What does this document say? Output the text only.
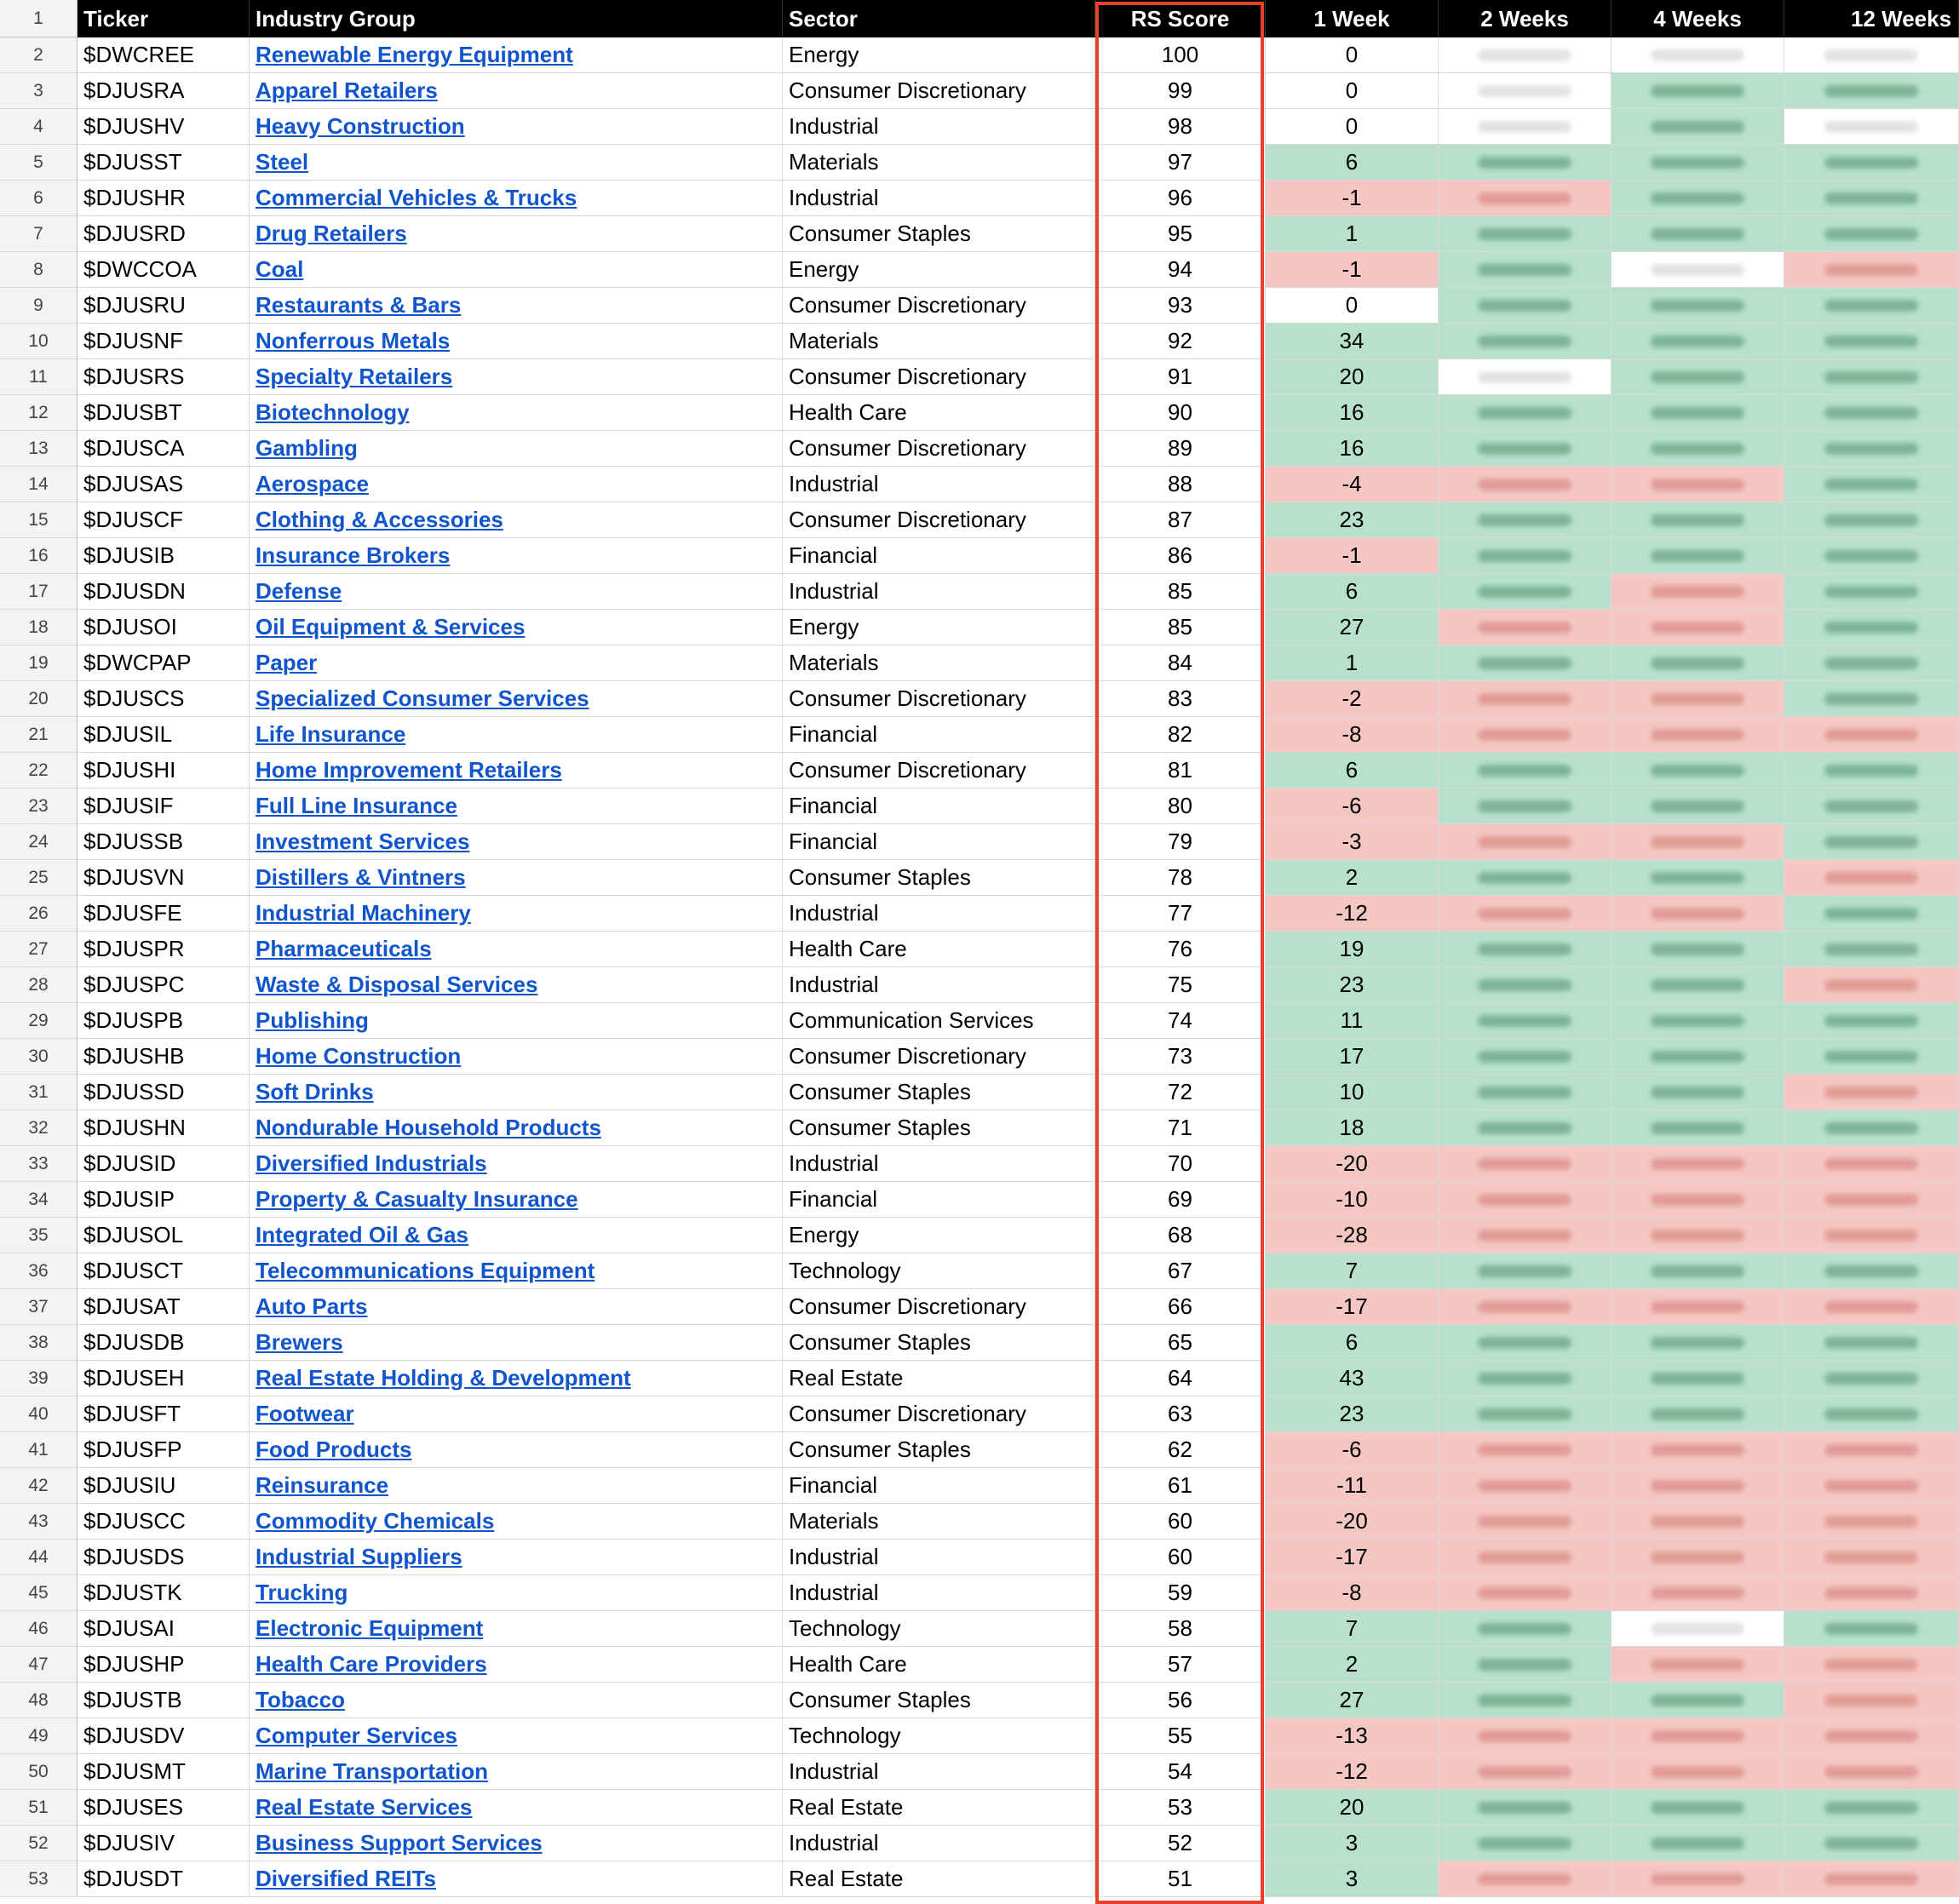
1	Ticker	Industry Group	Sector	RS Score	1 Week	2 Weeks	4 Weeks	12 Weeks
2	$DWCREE	Renewable Energy Equipment	Energy	100	0
3	$DJUSRA	Apparel Retailers	Consumer Discretionary	99	0
4	$DJUSHV	Heavy Construction	Industrial	98	0
5	$DJUSST	Steel	Materials	97	6
6	$DJUSHR	Commercial Vehicles & Trucks	Industrial	96	-1
7	$DJUSRD	Drug Retailers	Consumer Staples	95	1
8	$DWCCOA	Coal	Energy	94	-1
9	$DJUSRU	Restaurants & Bars	Consumer Discretionary	93	0
10	$DJUSNF	Nonferrous Metals	Materials	92	34
11	$DJUSRS	Specialty Retailers	Consumer Discretionary	91	20
12	$DJUSBT	Biotechnology	Health Care	90	16
13	$DJUSCA	Gambling	Consumer Discretionary	89	16
14	$DJUSAS	Aerospace	Industrial	88	-4
15	$DJUSCF	Clothing & Accessories	Consumer Discretionary	87	23
16	$DJUSIB	Insurance Brokers	Financial	86	-1
17	$DJUSDN	Defense	Industrial	85	6
18	$DJUSOI	Oil Equipment & Services	Energy	85	27
19	$DWCPAP	Paper	Materials	84	1
20	$DJUSCS	Specialized Consumer Services	Consumer Discretionary	83	-2
21	$DJUSIL	Life Insurance	Financial	82	-8
22	$DJUSHI	Home Improvement Retailers	Consumer Discretionary	81	6
23	$DJUSIF	Full Line Insurance	Financial	80	-6
24	$DJUSSB	Investment Services	Financial	79	-3
25	$DJUSVN	Distillers & Vintners	Consumer Staples	78	2
26	$DJUSFE	Industrial Machinery	Industrial	77	-12
27	$DJUSPR	Pharmaceuticals	Health Care	76	19
28	$DJUSPC	Waste & Disposal Services	Industrial	75	23
29	$DJUSPB	Publishing	Communication Services	74	11
30	$DJUSHB	Home Construction	Consumer Discretionary	73	17
31	$DJUSSD	Soft Drinks	Consumer Staples	72	10
32	$DJUSHN	Nondurable Household Products	Consumer Staples	71	18
33	$DJUSID	Diversified Industrials	Industrial	70	-20
34	$DJUSIP	Property & Casualty Insurance	Financial	69	-10
35	$DJUSOL	Integrated Oil & Gas	Energy	68	-28
36	$DJUSCT	Telecommunications Equipment	Technology	67	7
37	$DJUSAT	Auto Parts	Consumer Discretionary	66	-17
38	$DJUSDB	Brewers	Consumer Staples	65	6
39	$DJUSEH	Real Estate Holding & Development	Real Estate	64	43
40	$DJUSFT	Footwear	Consumer Discretionary	63	23
41	$DJUSFP	Food Products	Consumer Staples	62	-6
42	$DJUSIU	Reinsurance	Financial	61	-11
43	$DJUSCC	Commodity Chemicals	Materials	60	-20
44	$DJUSDS	Industrial Suppliers	Industrial	60	-17
45	$DJUSTK	Trucking	Industrial	59	-8
46	$DJUSAI	Electronic Equipment	Technology	58	7
47	$DJUSHP	Health Care Providers	Health Care	57	2
48	$DJUSTB	Tobacco	Consumer Staples	56	27
49	$DJUSDV	Computer Services	Technology	55	-13
50	$DJUSMT	Marine Transportation	Industrial	54	-12
51	$DJUSES	Real Estate Services	Real Estate	53	20
52	$DJUSIV	Business Support Services	Industrial	52	3
53	$DJUSDT	Diversified REITs	Real Estate	51	3
